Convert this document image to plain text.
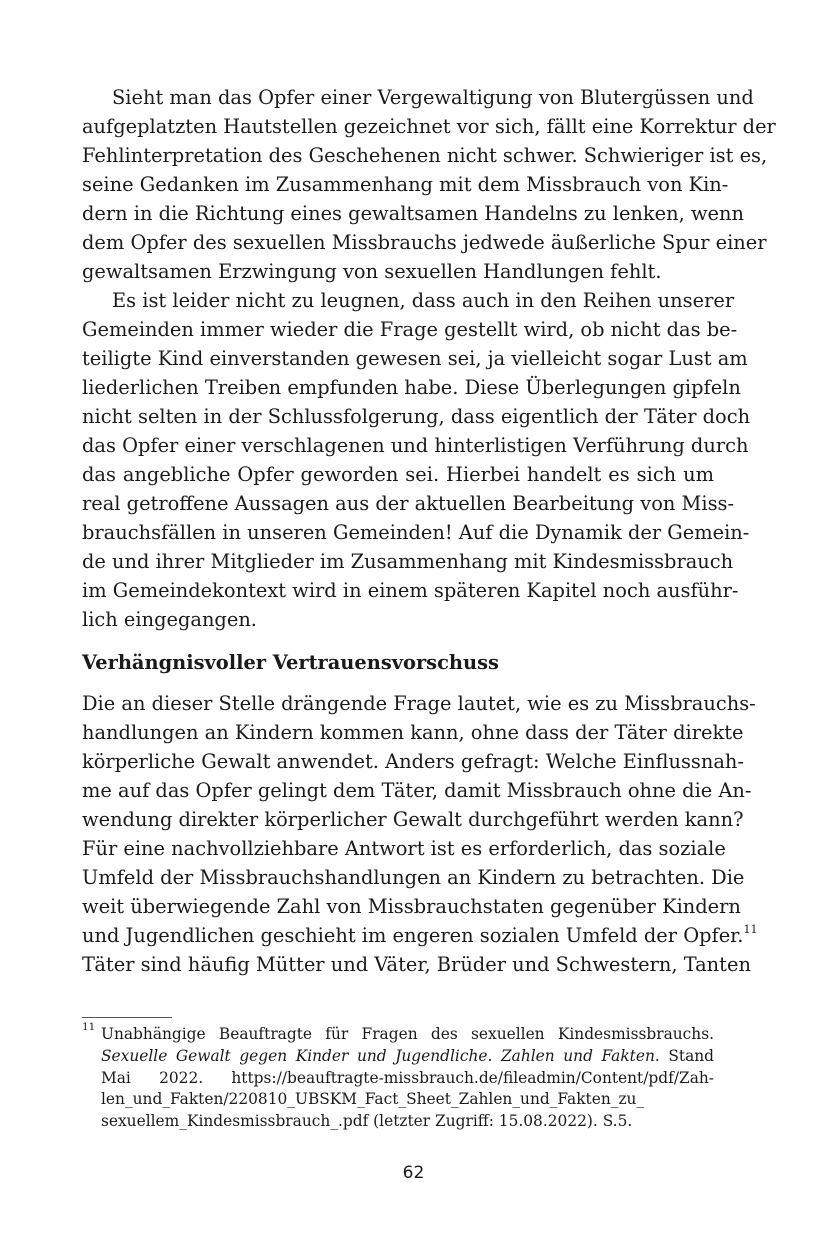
Sieht man das Opfer einer Vergewaltigung von Blutergüssen und
aufgeplatzten Hautstellen gezeichnet vor sich, fällt eine Korrektur der
Fehlinterpretation des Geschehenen nicht schwer. Schwieriger ist es,
seine Gedanken im Zusammenhang mit dem Missbrauch von Kin-
dern in die Richtung eines gewaltsamen Handelns zu lenken, wenn
dem Opfer des sexuellen Missbrauchs jedwede äußerliche Spur einer
gewaltsamen Erzwingung von sexuellen Handlungen fehlt.
Es ist leider nicht zu leugnen, dass auch in den Reihen unserer
Gemeinden immer wieder die Frage gestellt wird, ob nicht das be-
teiligte Kind einverstanden gewesen sei, ja vielleicht sogar Lust am
liederlichen Treiben empfunden habe. Diese Überlegungen gipfeln
nicht selten in der Schlussfolgerung, dass eigentlich der Täter doch
das Opfer einer verschlagenen und hinterlistigen Verführung durch
das angebliche Opfer geworden sei. Hierbei handelt es sich um
real getroffene Aussagen aus der aktuellen Bearbeitung von Miss-
brauchsfällen in unseren Gemeinden! Auf die Dynamik der Gemein-
de und ihrer Mitglieder im Zusammenhang mit Kindesmissbrauch
im Gemeindekontext wird in einem späteren Kapitel noch ausführ-
lich eingegangen.
Verhängnisvoller Vertrauensvorschuss
Die an dieser Stelle drängende Frage lautet, wie es zu Missbrauchs-
handlungen an Kindern kommen kann, ohne dass der Täter direkte
körperliche Gewalt anwendet. Anders gefragt: Welche Einflussnah-
me auf das Opfer gelingt dem Täter, damit Missbrauch ohne die An-
wendung direkter körperlicher Gewalt durchgeführt werden kann?
Für eine nachvollziehbare Antwort ist es erforderlich, das soziale
Umfeld der Missbrauchshandlungen an Kindern zu betrachten. Die
weit überwiegende Zahl von Missbrauchstaten gegenüber Kindern
und Jugendlichen geschieht im engeren sozialen Umfeld der Opfer.$^{11}$
Täter sind häufig Mütter und Väter, Brüder und Schwestern, Tanten
11 Unabhängige Beauftragte für Fragen des sexuellen Kindesmissbrauchs.
Sexuelle Gewalt gegen Kinder und Jugendliche. Zahlen und Fakten. Stand
Mai 2022. https://beauftragte-missbrauch.de/fileadmin/Content/pdf/Zah-
len_und_Fakten/220810_UBSKM_Fact_Sheet_Zahlen_und_Fakten_zu_
sexuellem_Kindesmissbrauch_.pdf (letzter Zugriff: 15.08.2022). S.5.
62
